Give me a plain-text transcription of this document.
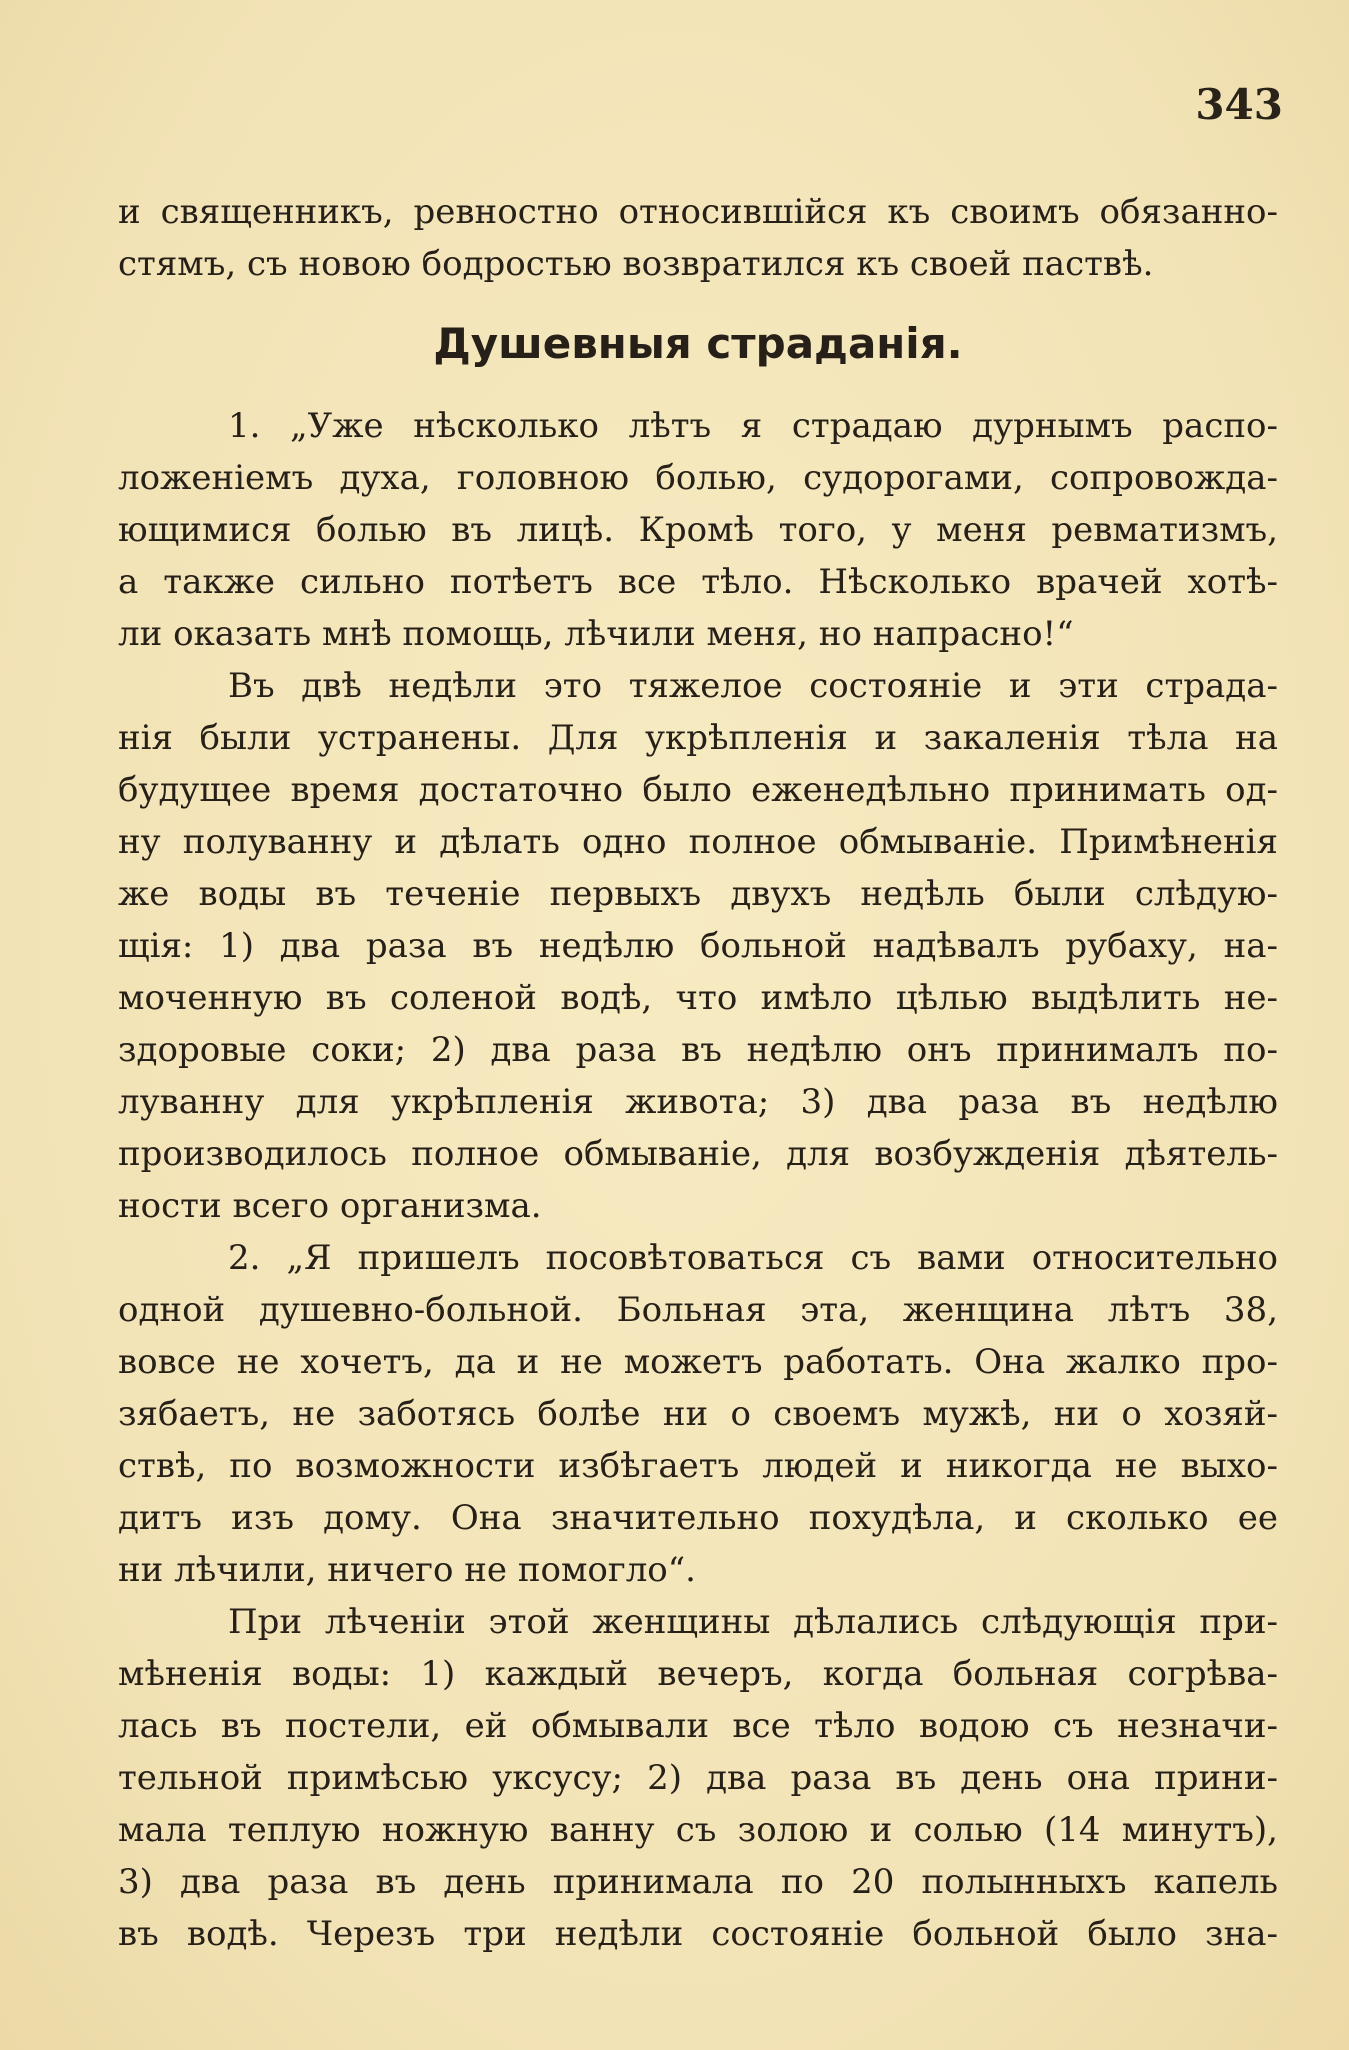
343
и священникъ, ревностно относившійся къ своимъ обязанно-
стямъ, съ новою бодростью возвратился къ своей паствѣ.
Душевныя страданія.
1. „Уже нѣсколько лѣтъ я страдаю дурнымъ распо-
ложеніемъ духа, головною болью, судорогами, сопровожда-
ющимися болью въ лицѣ. Кромѣ того, у меня ревматизмъ,
а также сильно потѣетъ все тѣло. Нѣсколько врачей хотѣ-
ли оказать мнѣ помощь, лѣчили меня, но напрасно!“
Въ двѣ недѣли это тяжелое состояніе и эти страда-
нія были устранены. Для укрѣпленія и закаленія тѣла на
будущее время достаточно было еженедѣльно принимать од-
ну полуванну и дѣлать одно полное обмываніе. Примѣненія
же воды въ теченіе первыхъ двухъ недѣль были слѣдую-
щія: 1) два раза въ недѣлю больной надѣвалъ рубаху, на-
моченную въ соленой водѣ, что имѣло цѣлью выдѣлить не-
здоровые соки; 2) два раза въ недѣлю онъ принималъ по-
луванну для укрѣпленія живота; 3) два раза въ недѣлю
производилось полное обмываніе, для возбужденія дѣятель-
ности всего организма.
2. „Я пришелъ посовѣтоваться съ вами относительно
одной душевно-больной. Больная эта, женщина лѣтъ 38,
вовсе не хочетъ, да и не можетъ работать. Она жалко про-
зябаетъ, не заботясь болѣе ни о своемъ мужѣ, ни о хозяй-
ствѣ, по возможности избѣгаетъ людей и никогда не выхо-
дитъ изъ дому. Она значительно похудѣла, и сколько ее
ни лѣчили, ничего не помогло“.
При лѣченіи этой женщины дѣлались слѣдующія при-
мѣненія воды: 1) каждый вечеръ, когда больная согрѣва-
лась въ постели, ей обмывали все тѣло водою съ незначи-
тельной примѣсью уксусу; 2) два раза въ день она прини-
мала теплую ножную ванну съ золою и солью (14 минутъ),
3) два раза въ день принимала по 20 полынныхъ капель
въ водѣ. Черезъ три недѣли состояніе больной было зна-
